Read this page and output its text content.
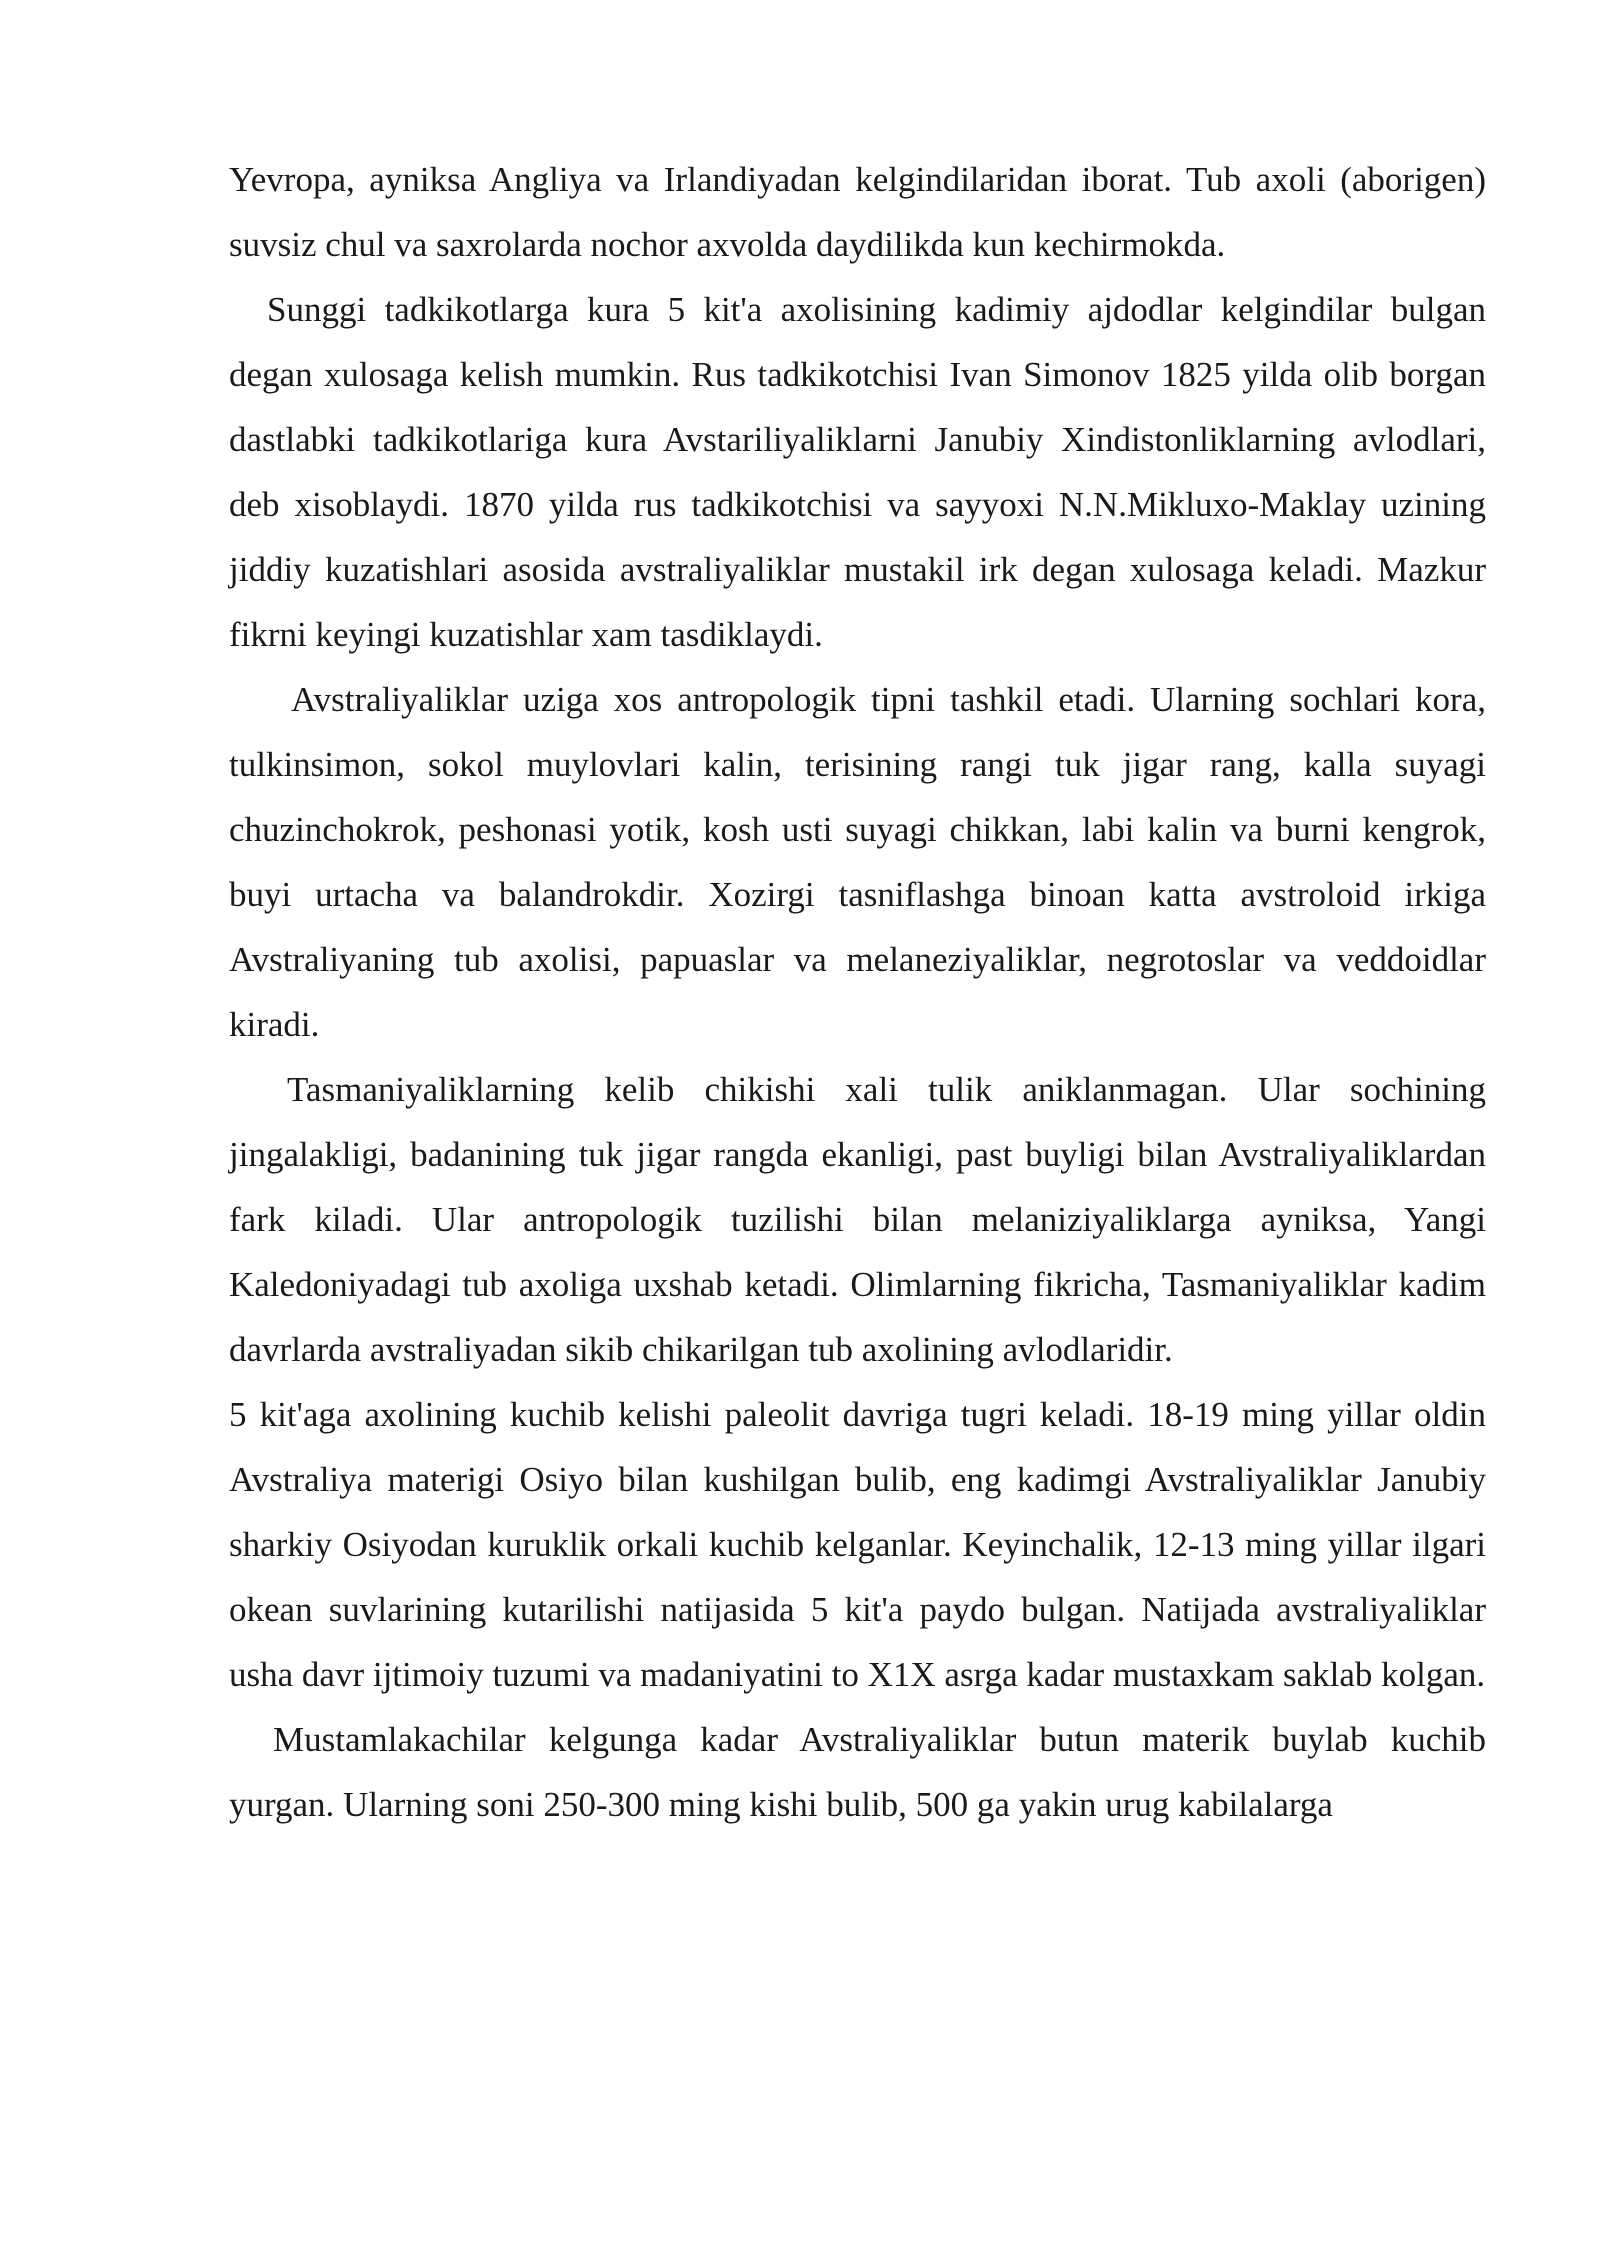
Yevropa, ayniksa Angliya va Irlandiyadan kelgindilaridan iborat. Tub axoli (aborigen) suvsiz chul va saxrolarda nochor axvolda daydilikda kun kechirmokda.

Sunggi tadkikotlarga kura 5 kit'a axolisining kadimiy ajdodlar kelgindilar bulgan degan xulosaga kelish mumkin. Rus tadkikotchisi Ivan Simonov 1825 yilda olib borgan dastlabki tadkikotlariga kura Avstariliyaliklarni Janubiy Xindistonliklarning avlodlari, deb xisoblaydi. 1870 yilda rus tadkikotchisi va sayyoxi N.N.Mikluxo-Maklay uzining jiddiy kuzatishlari asosida avstraliyaliklar mustakil irk degan xulosaga keladi. Mazkur fikrni keyingi kuzatishlar xam tasdiklaydi.

Avstraliyaliklar uziga xos antropologik tipni tashkil etadi. Ularning sochlari kora, tulkinsimon, sokol muylovlari kalin, terisining rangi tuk jigar rang, kalla suyagi chuzinchokrok, peshonasi yotik, kosh usti suyagi chikkan, labi kalin va burni kengrok, buyi urtacha va balandrokdir. Xozirgi tasniflashga binoan katta avstroloid irkiga Avstraliyaning tub axolisi, papuaslar va melaneziyaliklar, negrotoslar va veddoidlar kiradi.

Tasmaniyaliklarning kelib chikishi xali tulik aniklanmagan. Ular sochining jingalakligi, badanining tuk jigar rangda ekanligi, past buyligi bilan Avstraliyaliklardan fark kiladi. Ular antropologik tuzilishi bilan melaniziyaliklarga ayniksa, Yangi Kaledoniyadagi tub axoliga uxshab ketadi. Olimlarning fikricha, Tasmaniyaliklar kadim davrlarda avstraliyadan sikib chikarilgan tub axolining avlodlaridir.

5 kit'aga axolining kuchib kelishi paleolit davriga tugri keladi. 18-19 ming yillar oldin Avstraliya materigi Osiyo bilan kushilgan bulib, eng kadimgi Avstraliyaliklar Janubiy sharkiy Osiyodan kuruklik orkali kuchib kelganlar. Keyinchalik, 12-13 ming yillar ilgari okean suvlarining kutarilishi natijasida 5 kit'a paydo bulgan. Natijada avstraliyaliklar usha davr ijtimoiy tuzumi va madaniyatini to X1X asrga kadar mustaxkam saklab kolgan.

Mustamlakachilar kelgunga kadar Avstraliyaliklar butun materik buylab kuchib yurgan. Ularning soni 250-300 ming kishi bulib, 500 ga yakin urug kabilalarga
